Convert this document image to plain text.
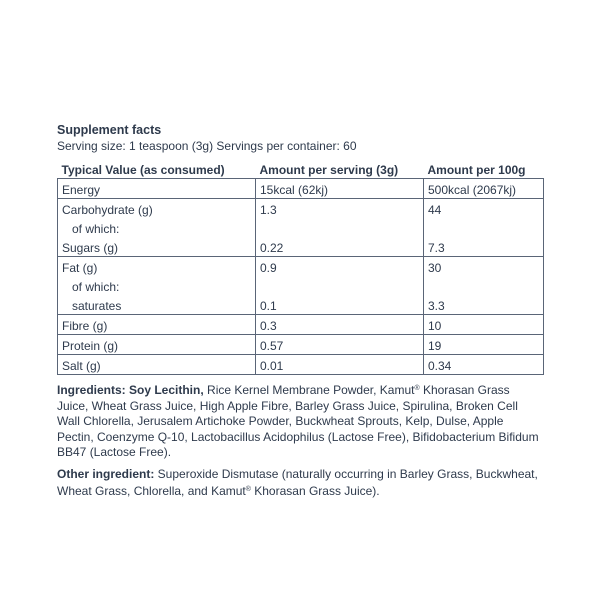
Supplement facts
Serving size: 1 teaspoon (3g) Servings per container: 60
Typical Value (as consumed)	Amount per serving (3g)	Amount per 100g
Energy	15kcal (62kj)	500kcal (2067kj)
Carbohydrate (g)	1.3	44
of which:		
Sugars (g)	0.22	7.3
Fat (g)	0.9	30
of which:		
saturates	0.1	3.3
Fibre (g)	0.3	10
Protein (g)	0.57	19
Salt (g)	0.01	0.34
Ingredients: Soy Lecithin, Rice Kernel Membrane Powder, Kamut® Khorasan Grass Juice, Wheat Grass Juice, High Apple Fibre, Barley Grass Juice, Spirulina, Broken Cell Wall Chlorella, Jerusalem Artichoke Powder, Buckwheat Sprouts, Kelp, Dulse, Apple Pectin, Coenzyme Q-10, Lactobacillus Acidophilus (Lactose Free), Bifidobacterium Bifidum BB47 (Lactose Free).
Other ingredient: Superoxide Dismutase (naturally occurring in Barley Grass, Buckwheat, Wheat Grass, Chlorella, and Kamut® Khorasan Grass Juice).
